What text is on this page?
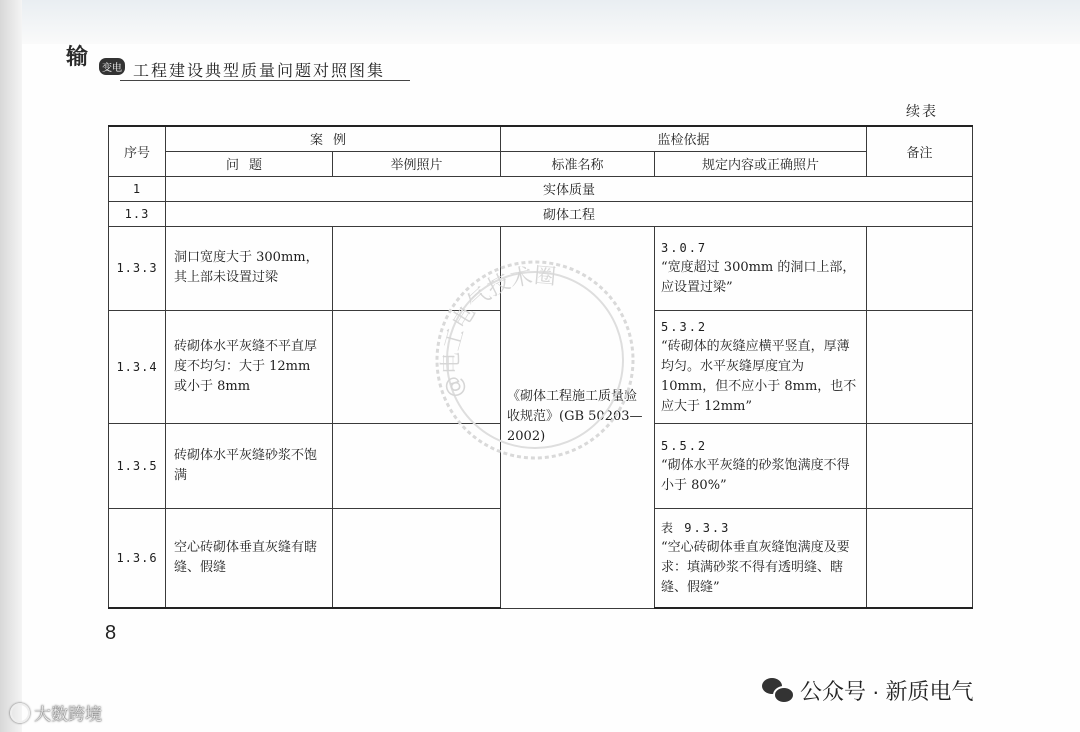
输	变电 工程建设典型质量问题对照图集
续表
序号	案例		监检依据		备注
	问题	举例照片	标准名称	规定内容或正确照片	
1	实体质量				
1.3	砌体工程				
1.3.3	洞口宽度大于 300mm，其上部未设置过梁		《砌体工程施工质量验收规范》(GB 50203—2002)	3.0.7
“宽度超过 300mm 的洞口上部，应设置过梁”	
1.3.4	砖砌体水平灰缝不平直厚度不均匀：大于 12mm 或小于 8mm			5.3.2
“砖砌体的灰缝应横平竖直，厚薄均匀。水平灰缝厚度宜为 10mm，但不应小于 8mm，也不应大于 12mm”	
1.3.5	砖砌体水平灰缝砂浆不饱满			5.5.2
“砌体水平灰缝的砂浆饱满度不得小于 80%”	
1.3.6	空心砖砌体垂直灰缝有瞎缝、假缝			表 9.3.3
“空心砖砌体垂直灰缝饱满度及要求：填满砂浆不得有透明缝、瞎缝、假缝”	
@电工电气技术圈
8
公众号 · 新质电气
大数跨境
